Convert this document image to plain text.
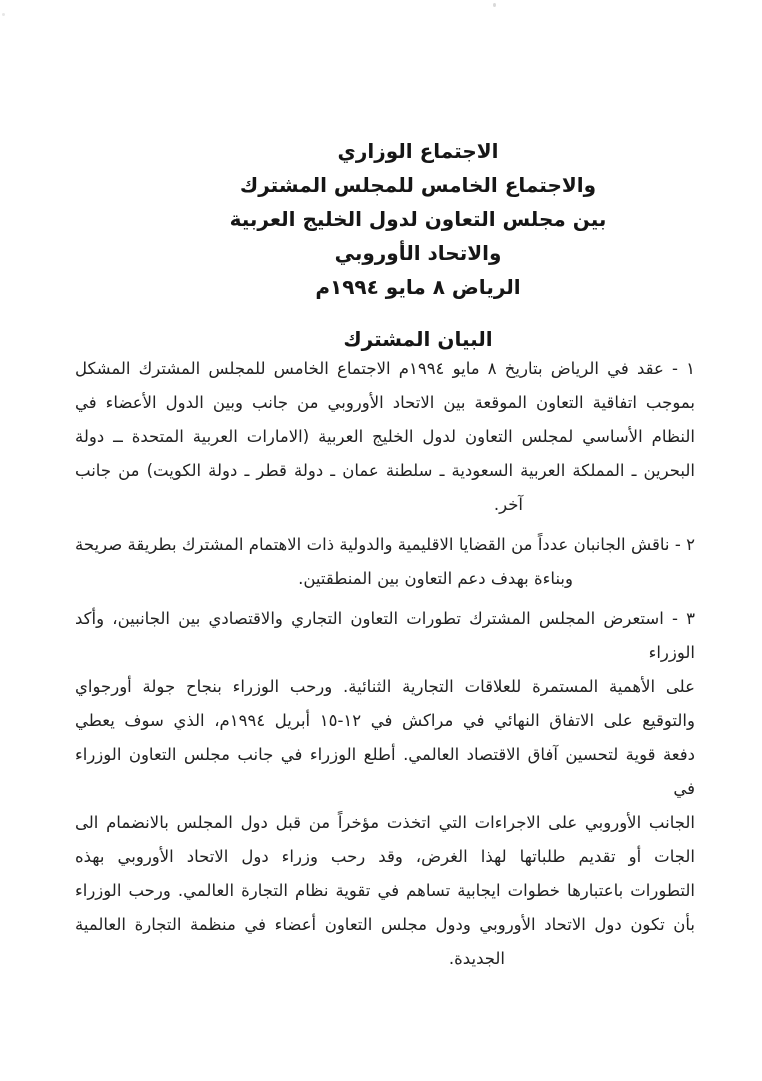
الاجتماع الوزاري
والاجتماع الخامس للمجلس المشترك
بين مجلس التعاون لدول الخليج العربية
والاتحاد الأوروبي
الرياض ٨ مايو ١٩٩٤م
البيان المشترك
١ - عقد في الرياض بتاريخ ٨ مايو ١٩٩٤م الاجتماع الخامس للمجلس المشترك المشكل
بموجب اتفاقية التعاون الموقعة بين الاتحاد الأوروبي من جانب وبين الدول الأعضاء في
النظام الأساسي لمجلس التعاون لدول الخليج العربية (الامارات العربية المتحدة ــ دولة
البحرين ـ المملكة العربية السعودية ـ سلطنة عمان ـ دولة قطر ـ دولة الكويت) من جانب
آخر.
٢ - ناقش الجانبان عدداً من القضايا الاقليمية والدولية ذات الاهتمام المشترك بطريقة صريحة
وبناءة بهدف دعم التعاون بين المنطقتين.
٣ - استعرض المجلس المشترك تطورات التعاون التجاري والاقتصادي بين الجانبين، وأكد الوزراء
على الأهمية المستمرة للعلاقات التجارية الثنائية. ورحب الوزراء بنجاح جولة أورجواي
والتوقيع على الاتفاق النهائي في مراكش في ١٢-١٥ أبريل ١٩٩٤م، الذي سوف يعطي
دفعة قوية لتحسين آفاق الاقتصاد العالمي. أطلع الوزراء في جانب مجلس التعاون الوزراء في
الجانب الأوروبي على الاجراءات التي اتخذت مؤخراً من قبل دول المجلس بالانضمام الى
الجات أو تقديم طلباتها لهذا الغرض، وقد رحب وزراء دول الاتحاد الأوروبي بهذه
التطورات باعتبارها خطوات ايجابية تساهم في تقوية نظام التجارة العالمي. ورحب الوزراء
بأن تكون دول الاتحاد الأوروبي ودول مجلس التعاون أعضاء في منظمة التجارة العالمية
الجديدة.
